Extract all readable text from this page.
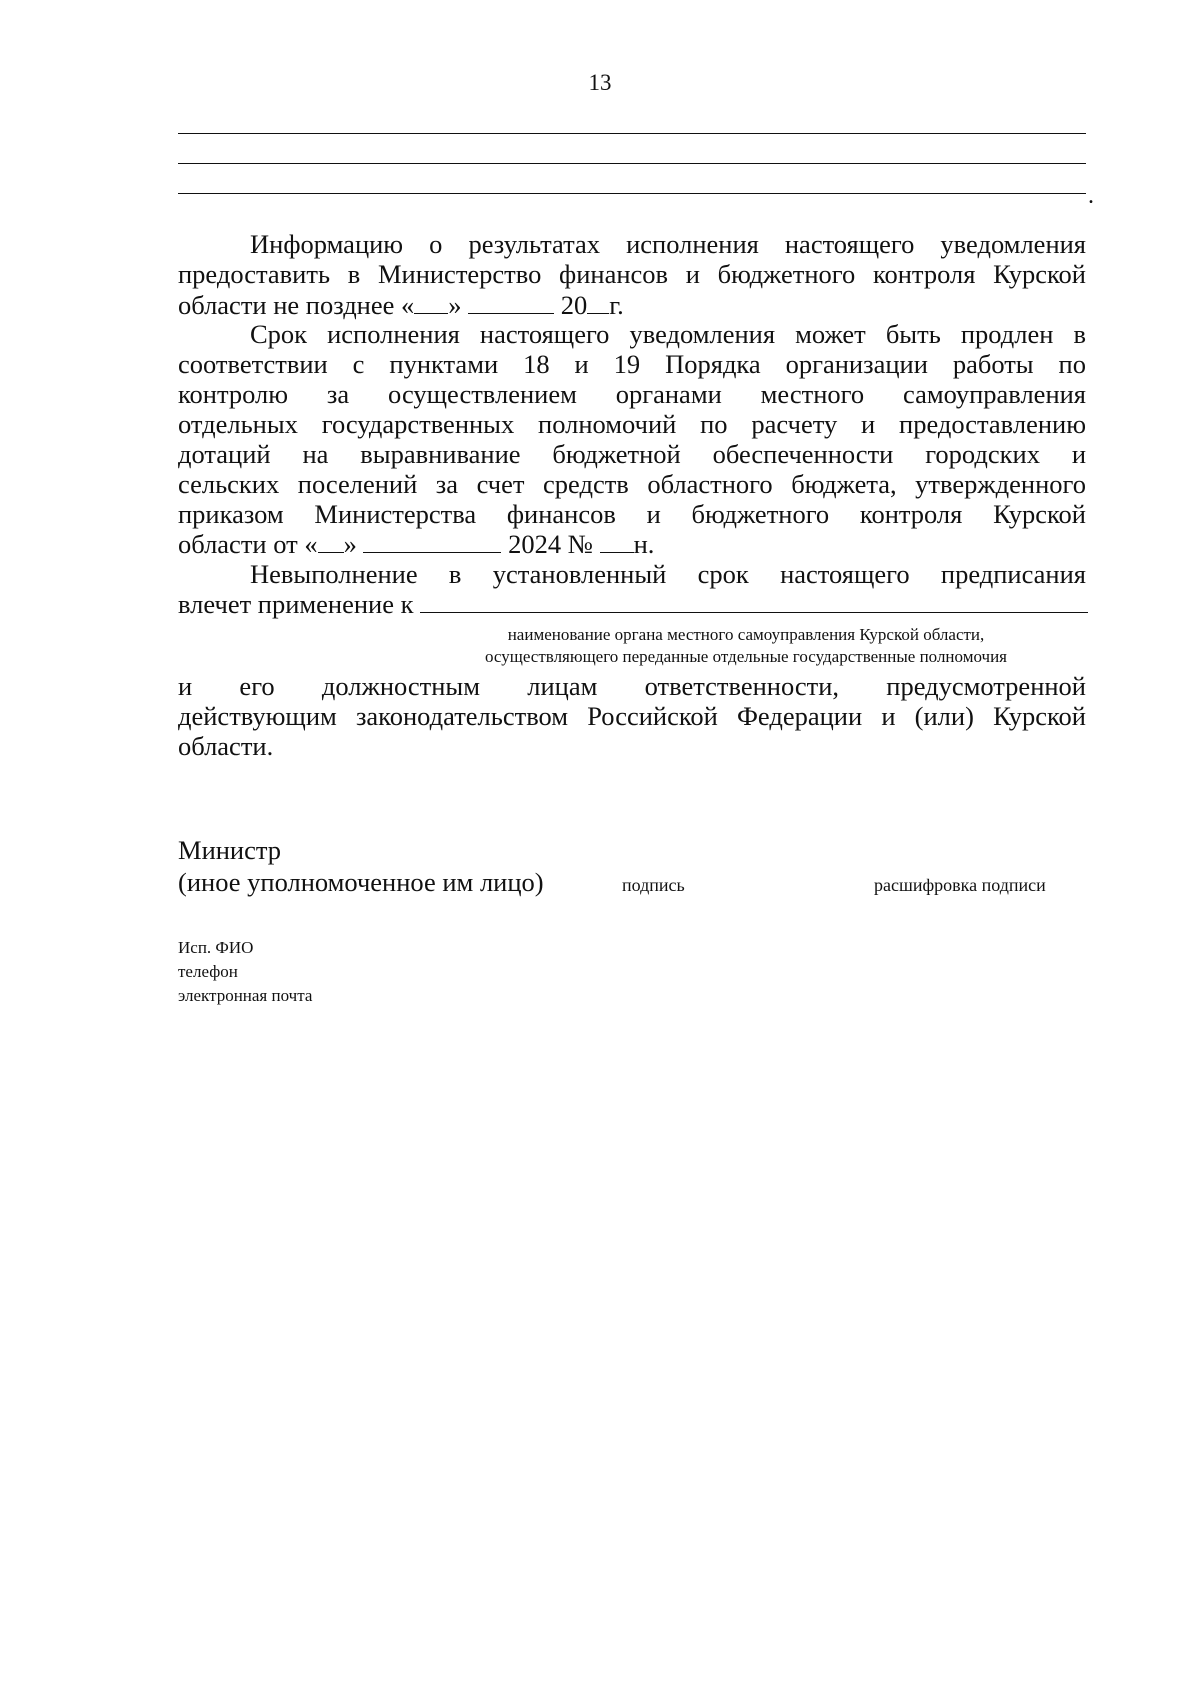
13
.
Информацию о результатах исполнения настоящего уведомления
предоставить в Министерство финансов и бюджетного контроля Курской
области не позднее « »	20 г.
Срок исполнения настоящего уведомления может быть продлен в
соответствии с пунктами 18 и 19 Порядка организации работы по
контролю за осуществлением органами местного самоуправления
отдельных государственных полномочий по расчету и предоставлению
дотаций на выравнивание бюджетной обеспеченности городских и
сельских поселений за счет средств областного бюджета, утвержденного
приказом Министерства финансов и бюджетного контроля Курской
области от « »	2024 № н.
Невыполнение в установленный срок настоящего предписания
влечет применение к
наименование органа местного самоуправления Курской области,
осуществляющего переданные отдельные государственные полномочия
и его должностным лицам ответственности, предусмотренной
действующим законодательством Российской Федерации и (или) Курской
области.
Министр
(иное уполномоченное им лицо)	подпись	расшифровка подписи
Исп. ФИО
телефон
электронная почта
